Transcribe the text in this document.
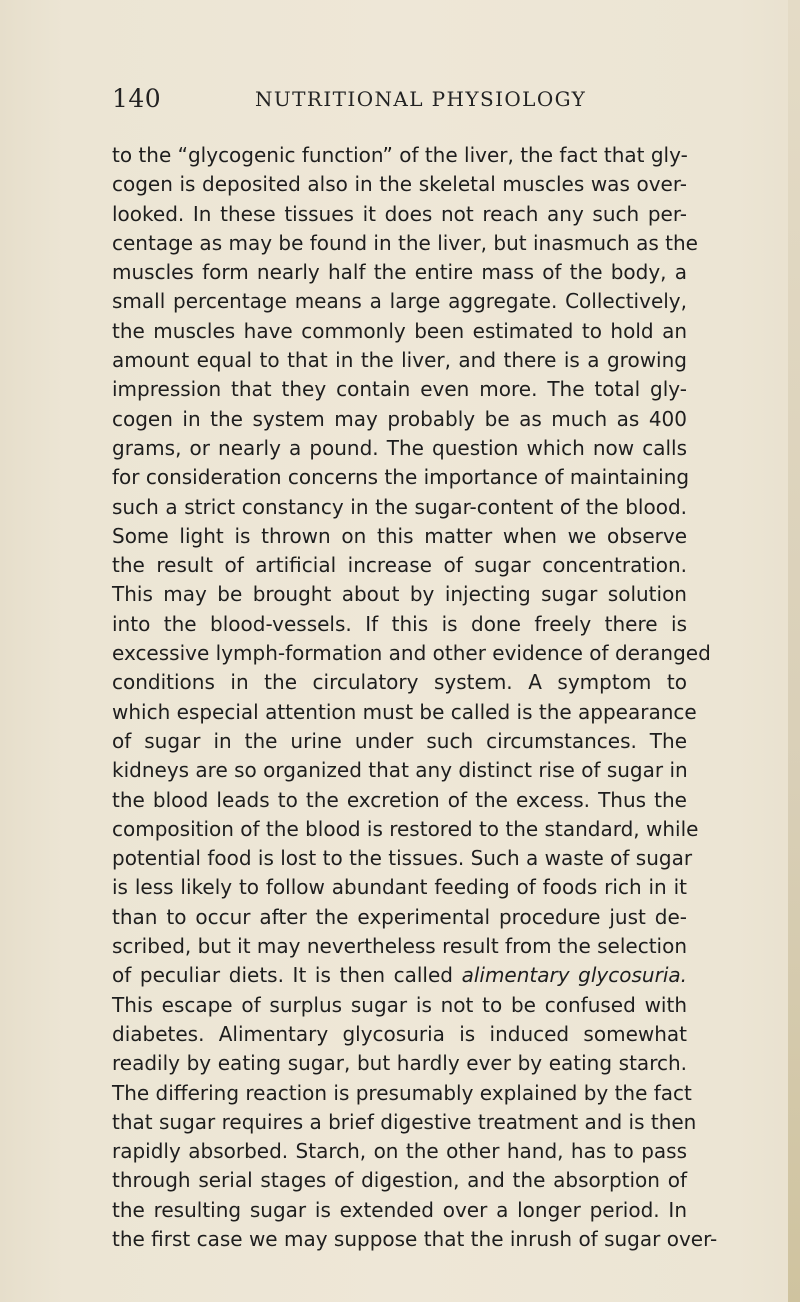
140	NUTRITIONAL PHYSIOLOGY
to the “glycogenic function” of the liver, the fact that gly-
cogen is deposited also in the skeletal muscles was over-
looked. In these tissues it does not reach any such per-
centage as may be found in the liver, but inasmuch as the
muscles form nearly half the entire mass of the body, a
small percentage means a large aggregate. Collectively,
the muscles have commonly been estimated to hold an
amount equal to that in the liver, and there is a growing
impression that they contain even more. The total gly-
cogen in the system may probably be as much as 400
grams, or nearly a pound. The question which now calls
for consideration concerns the importance of maintaining
such a strict constancy in the sugar-content of the blood.
Some light is thrown on this matter when we observe
the result of artificial increase of sugar concentration.
This may be brought about by injecting sugar solution
into the blood-vessels. If this is done freely there is
excessive lymph-formation and other evidence of deranged
conditions in the circulatory system. A symptom to
which especial attention must be called is the appearance
of sugar in the urine under such circumstances. The
kidneys are so organized that any distinct rise of sugar in
the blood leads to the excretion of the excess. Thus the
composition of the blood is restored to the standard, while
potential food is lost to the tissues. Such a waste of sugar
is less likely to follow abundant feeding of foods rich in it
than to occur after the experimental procedure just de-
scribed, but it may nevertheless result from the selection
of peculiar diets. It is then called alimentary glycosuria.
This escape of surplus sugar is not to be confused with
diabetes. Alimentary glycosuria is induced somewhat
readily by eating sugar, but hardly ever by eating starch.
The differing reaction is presumably explained by the fact
that sugar requires a brief digestive treatment and is then
rapidly absorbed. Starch, on the other hand, has to pass
through serial stages of digestion, and the absorption of
the resulting sugar is extended over a longer period. In
the first case we may suppose that the inrush of sugar over-
